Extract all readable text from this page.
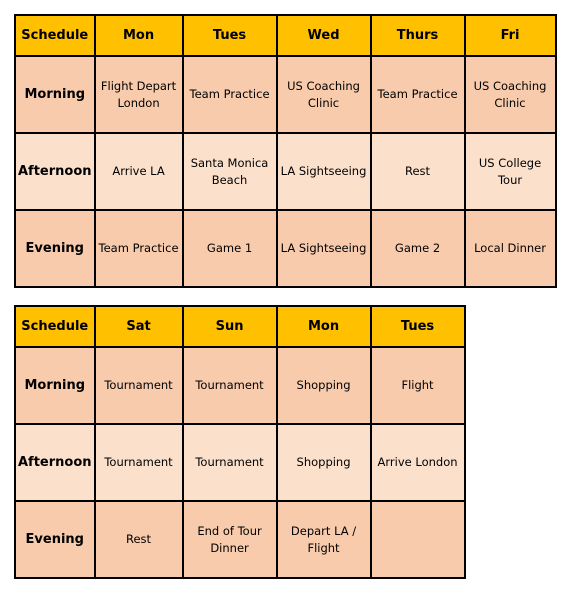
Schedule	Mon	Tues	Wed	Thurs	Fri
Morning	Flight Depart London	Team Practice	US Coaching Clinic	Team Practice	US Coaching Clinic
Afternoon	Arrive LA	Santa Monica Beach	LA Sightseeing	Rest	US College Tour
Evening	Team Practice	Game 1	LA Sightseeing	Game 2	Local Dinner
Schedule	Sat	Sun	Mon	Tues
Morning	Tournament	Tournament	Shopping	Flight
Afternoon	Tournament	Tournament	Shopping	Arrive London
Evening	Rest	End of Tour Dinner	Depart LA / Flight	
